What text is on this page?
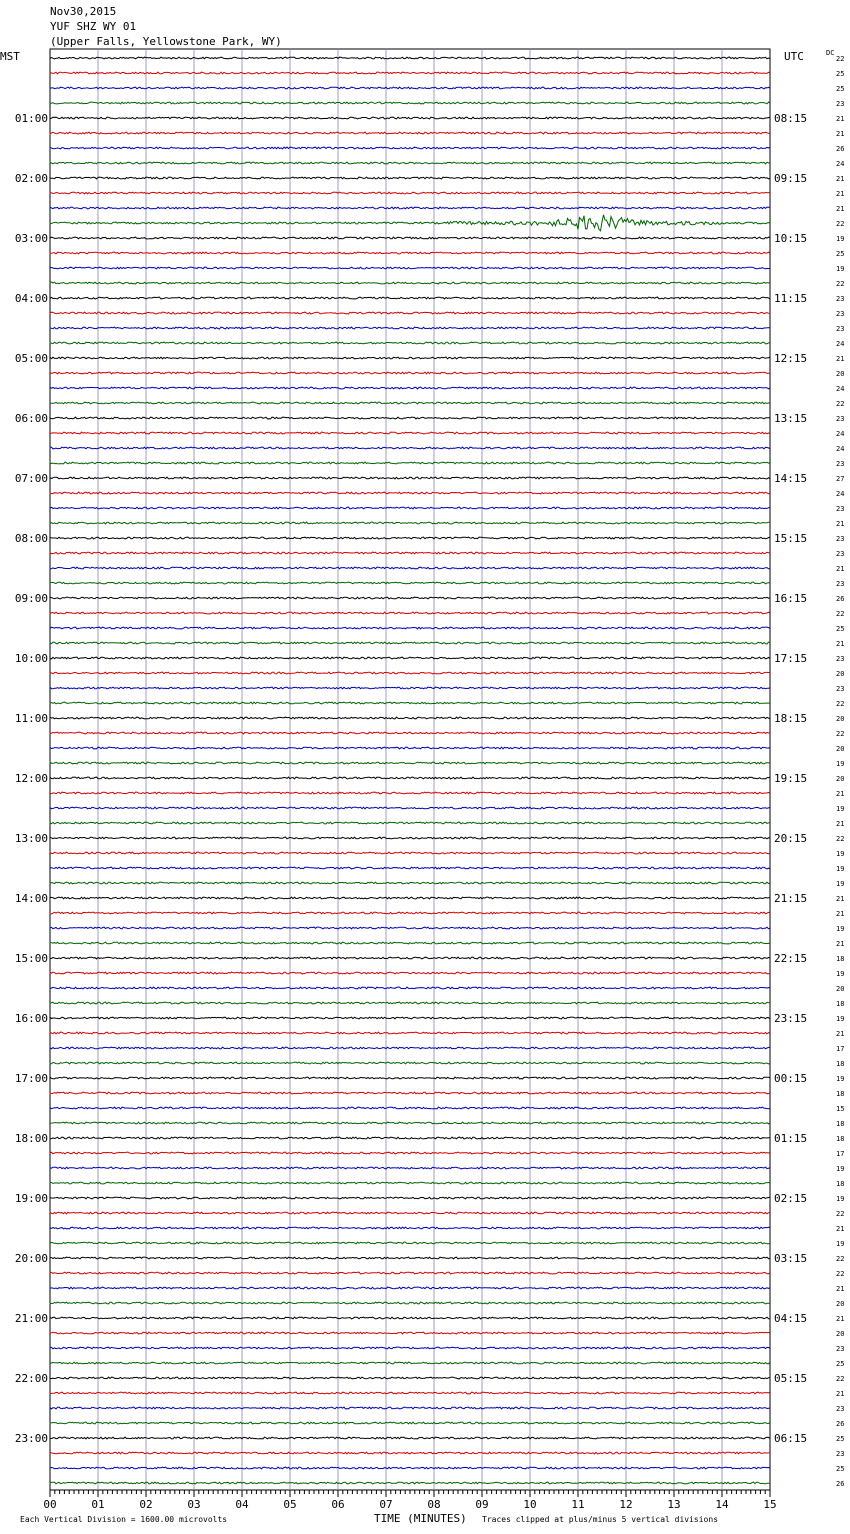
Nov30,2015
YUF SHZ WY 01
(Upper Falls, Yellowstone Park, WY)
MST	UTC	DC
01:00
02:00
03:00
04:00
05:00
06:00
07:00
08:00
09:00
10:00
11:00
12:00
13:00
14:00
15:00
16:00
17:00
18:00
19:00
20:00
21:00
22:00
23:00
08:15
09:15
10:15
11:15
12:15
13:15
14:15
15:15
16:15
17:15
18:15
19:15
20:15
21:15
22:15
23:15
00:15
01:15
02:15
03:15
04:15
05:15
06:15
22
25
25
23
21
21
26
24
21
21
21
22
19
25
19
22
23
23
23
24
21
20
24
22
23
24
24
23
27
24
23
21
23
23
21
23
26
22
25
21
23
20
23
22
20
22
20
19
20
21
19
21
22
19
19
19
21
21
19
21
18
19
20
18
19
21
17
18
19
18
15
18
18
17
19
18
19
22
21
19
22
22
21
20
21
20
23
25
22
21
23
26
25
23
25
26
00	01	02	03	04	05	06	07	08	09	10	11	12	13	14	15
Each Vertical Division = 1600.00 microvolts	TIME (MINUTES) Traces clipped at plus/minus 5 vertical divisions
